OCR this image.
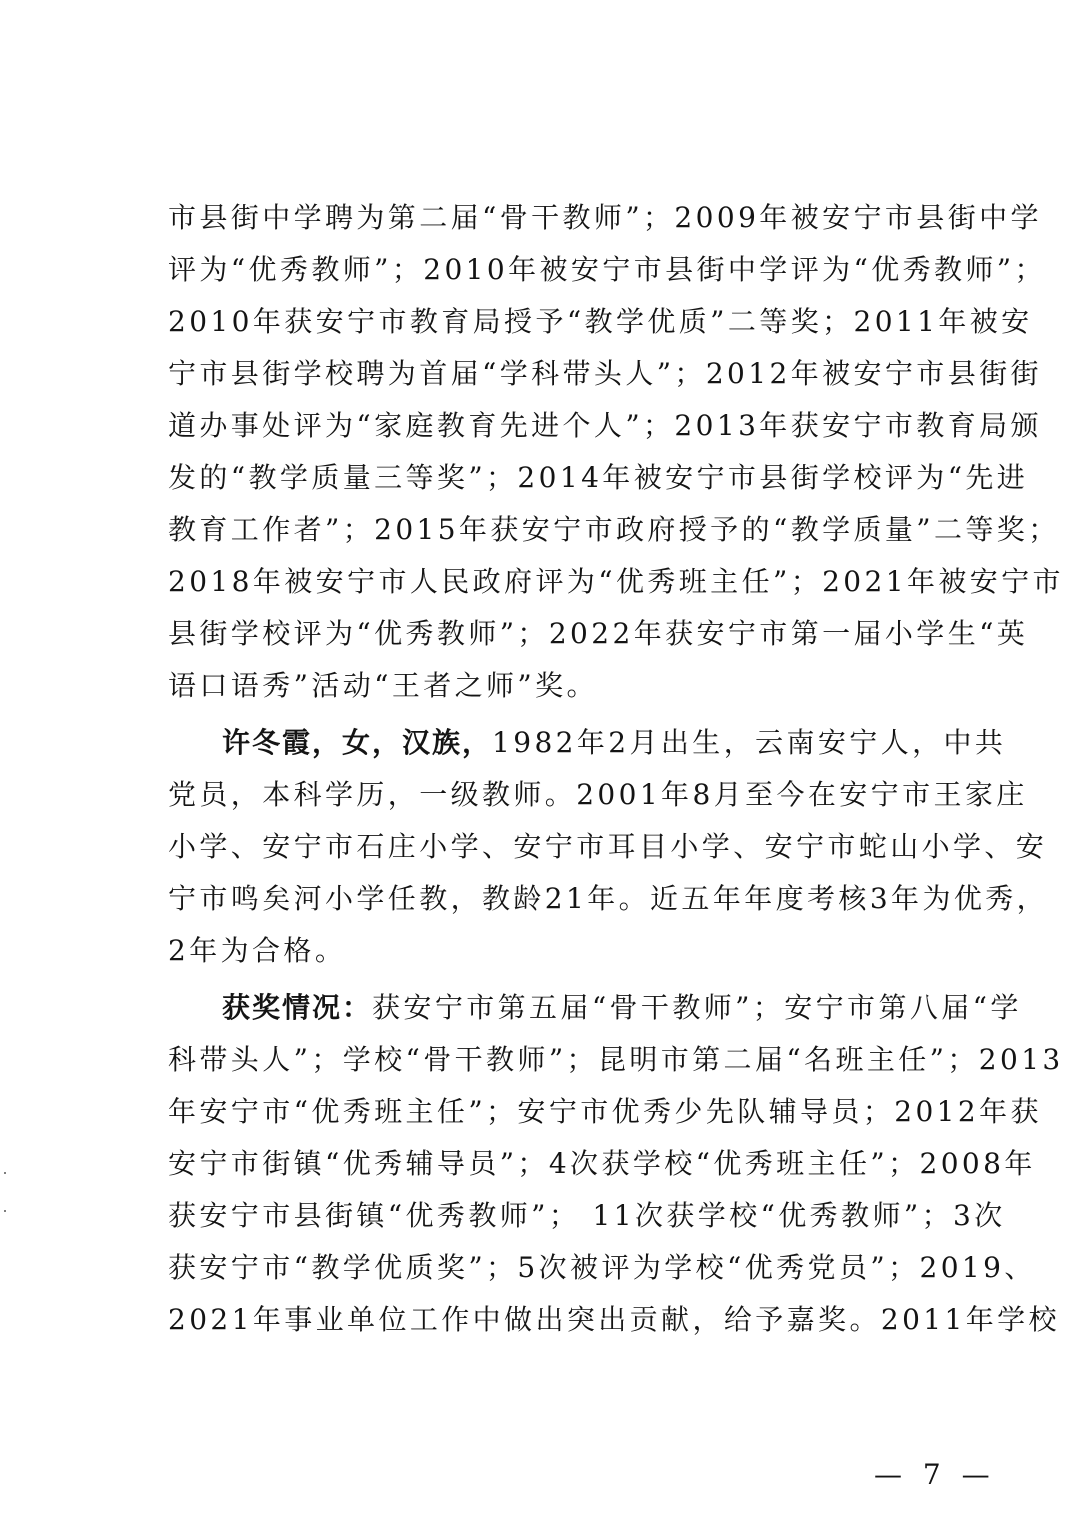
市县街中学聘为第二届“骨干教师”；2009年被安宁市县街中学
评为“优秀教师”；2010年被安宁市县街中学评为“优秀教师”；
2010年获安宁市教育局授予“教学优质”二等奖；2011年被安
宁市县街学校聘为首届“学科带头人”；2012年被安宁市县街街
道办事处评为“家庭教育先进个人”；2013年获安宁市教育局颁
发的“教学质量三等奖”；2014年被安宁市县街学校评为“先进
教育工作者”；2015年获安宁市政府授予的“教学质量”二等奖；
2018年被安宁市人民政府评为“优秀班主任”；2021年被安宁市
县街学校评为“优秀教师”；2022年获安宁市第一届小学生“英
语口语秀”活动“王者之师”奖。
许冬霞，女，汉族，1982年2月出生，云南安宁人，中共
党员，本科学历，一级教师。2001年8月至今在安宁市王家庄
小学、安宁市石庄小学、安宁市耳目小学、安宁市蛇山小学、安
宁市鸣矣河小学任教，教龄21年。近五年年度考核3年为优秀，
2年为合格。
获奖情况：获安宁市第五届“骨干教师”；安宁市第八届“学
科带头人”；学校“骨干教师”；昆明市第二届“名班主任”；2013
年安宁市“优秀班主任”；安宁市优秀少先队辅导员；2012年获
安宁市街镇“优秀辅导员”；4次获学校“优秀班主任”；2008年
获安宁市县街镇“优秀教师”； 11次获学校“优秀教师”；3次
获安宁市“教学优质奖”；5次被评为学校“优秀党员”；2019、
2021年事业单位工作中做出突出贡献，给予嘉奖。2011年学校
— 7 —
